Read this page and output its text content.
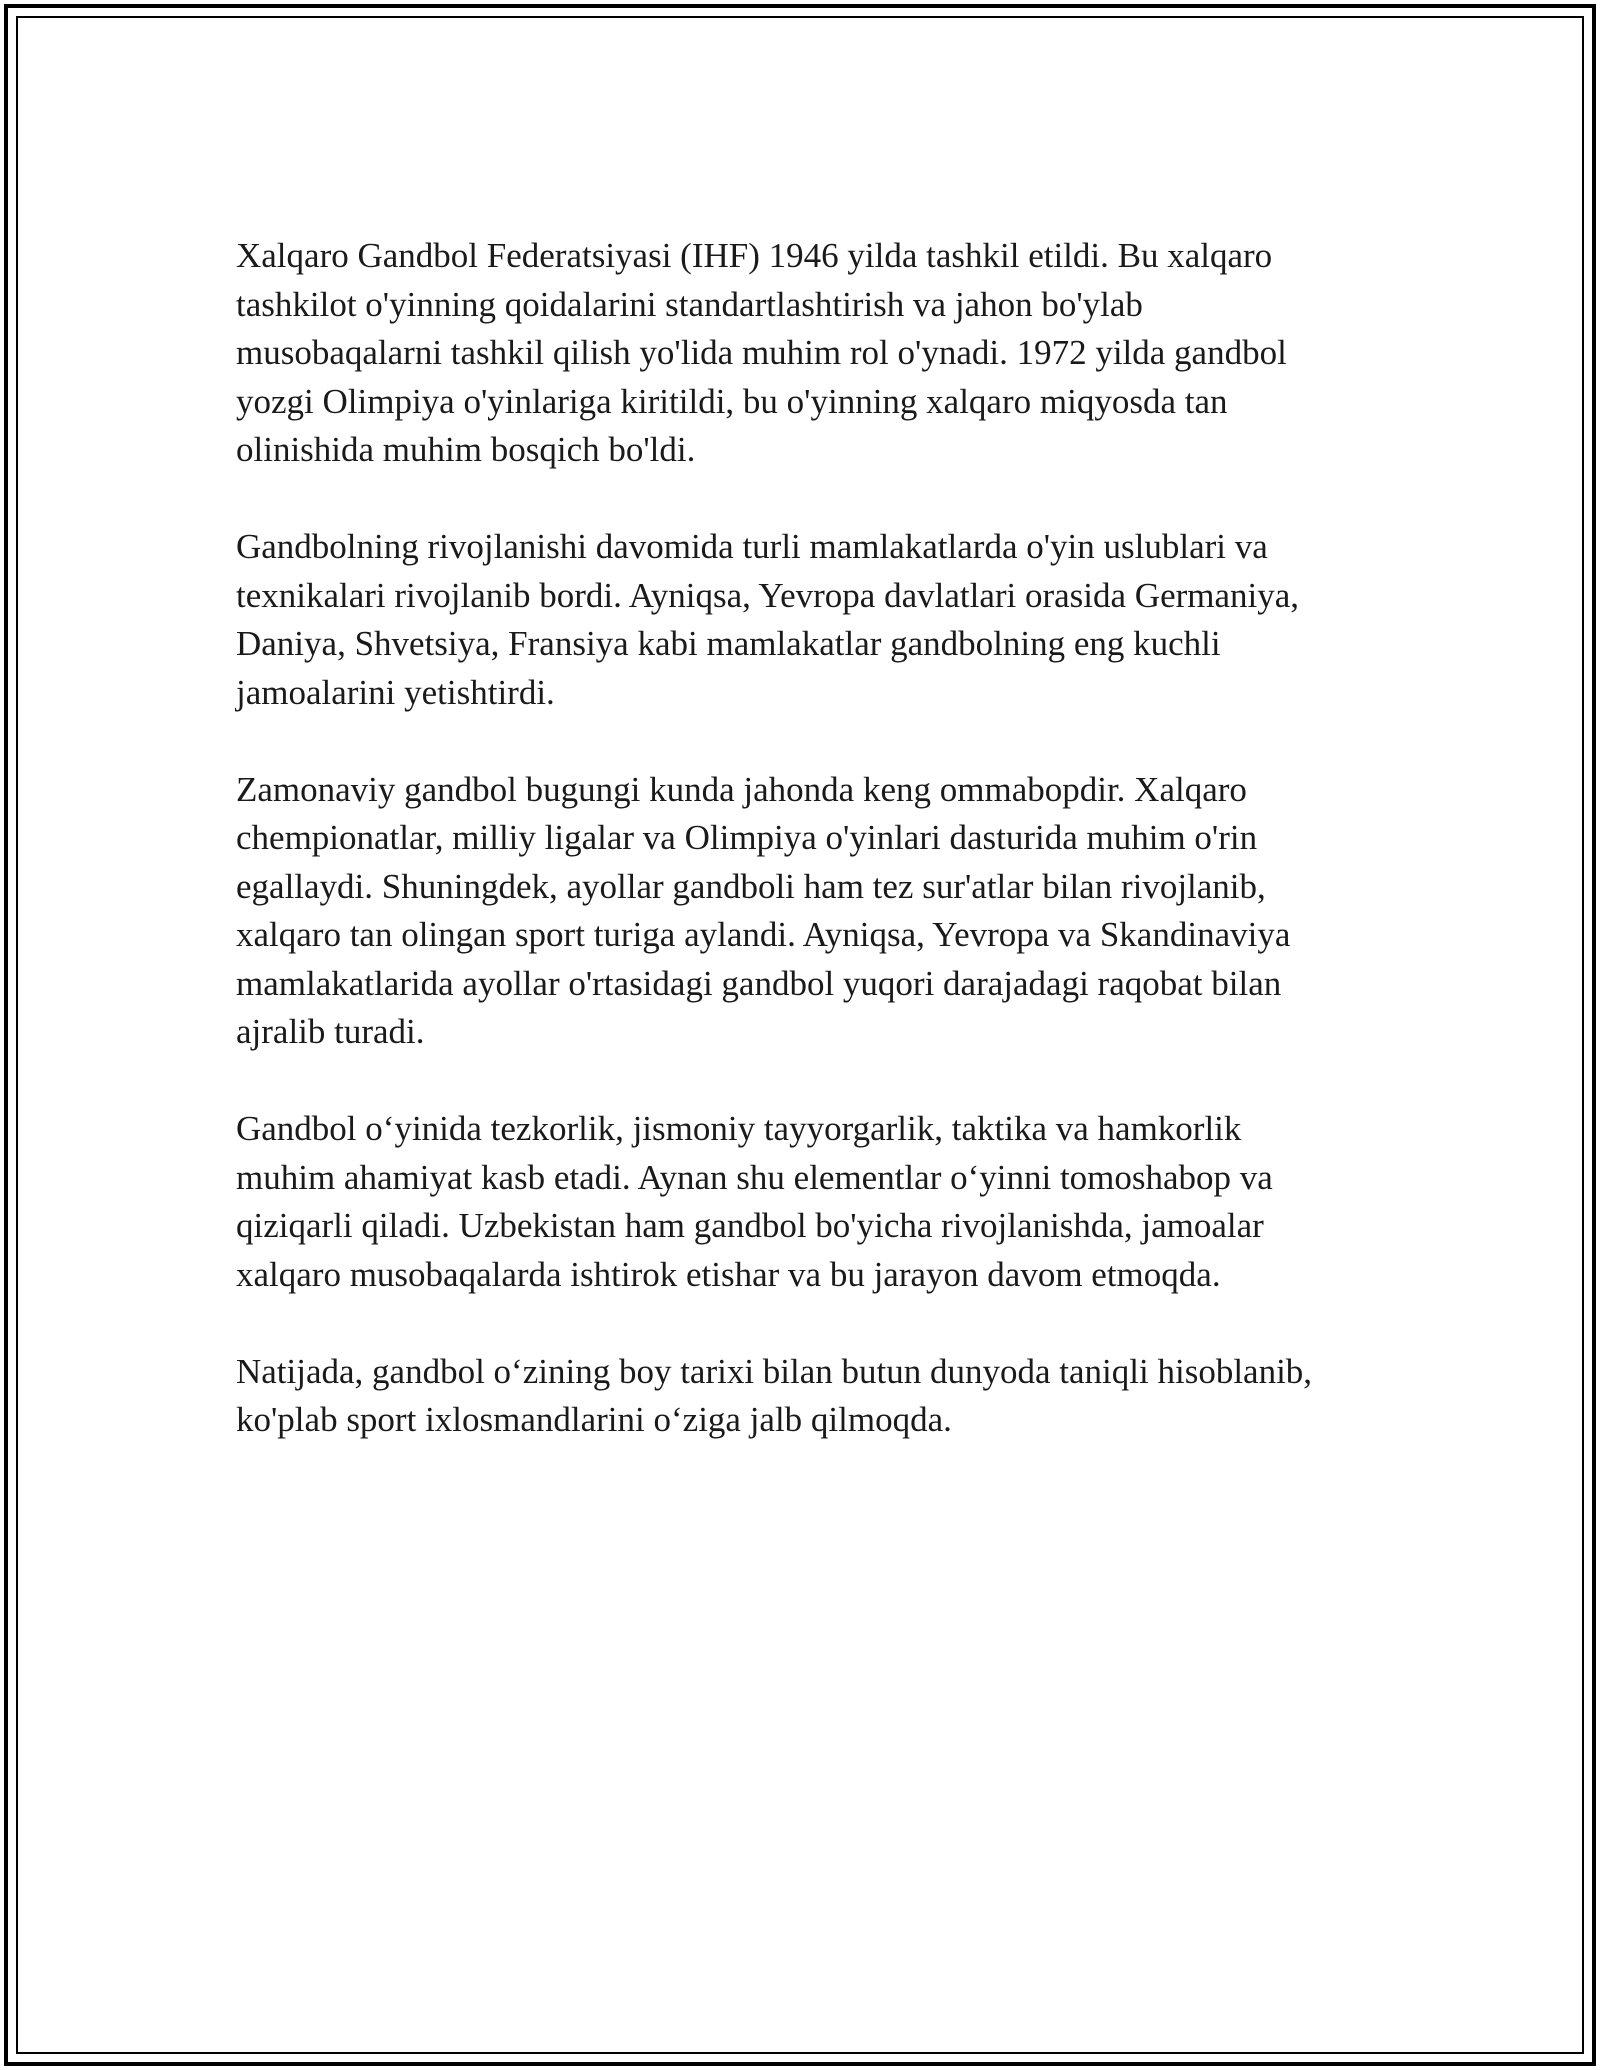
Xalqaro Gandbol Federatsiyasi (IHF) 1946 yilda tashkil etildi. Bu xalqaro
tashkilot o'yinning qoidalarini standartlashtirish va jahon bo'ylab
musobaqalarni tashkil qilish yo'lida muhim rol o'ynadi. 1972 yilda gandbol
yozgi Olimpiya o'yinlariga kiritildi, bu o'yinning xalqaro miqyosda tan
olinishida muhim bosqich bo'ldi.

Gandbolning rivojlanishi davomida turli mamlakatlarda o'yin uslublari va
texnikalari rivojlanib bordi. Ayniqsa, Yevropa davlatlari orasida Germaniya,
Daniya, Shvetsiya, Fransiya kabi mamlakatlar gandbolning eng kuchli
jamoalarini yetishtirdi.

Zamonaviy gandbol bugungi kunda jahonda keng ommabopdir. Xalqaro
chempionatlar, milliy ligalar va Olimpiya o'yinlari dasturida muhim o'rin
egallaydi. Shuningdek, ayollar gandboli ham tez sur'atlar bilan rivojlanib,
xalqaro tan olingan sport turiga aylandi. Ayniqsa, Yevropa va Skandinaviya
mamlakatlarida ayollar o'rtasidagi gandbol yuqori darajadagi raqobat bilan
ajralib turadi.

Gandbol o‘yinida tezkorlik, jismoniy tayyorgarlik, taktika va hamkorlik
muhim ahamiyat kasb etadi. Aynan shu elementlar o‘yinni tomoshabop va
qiziqarli qiladi. Uzbekistan ham gandbol bo'yicha rivojlanishda, jamoalar
xalqaro musobaqalarda ishtirok etishar va bu jarayon davom etmoqda.

Natijada, gandbol o‘zining boy tarixi bilan butun dunyoda taniqli hisoblanib,
ko'plab sport ixlosmandlarini o‘ziga jalb qilmoqda.
